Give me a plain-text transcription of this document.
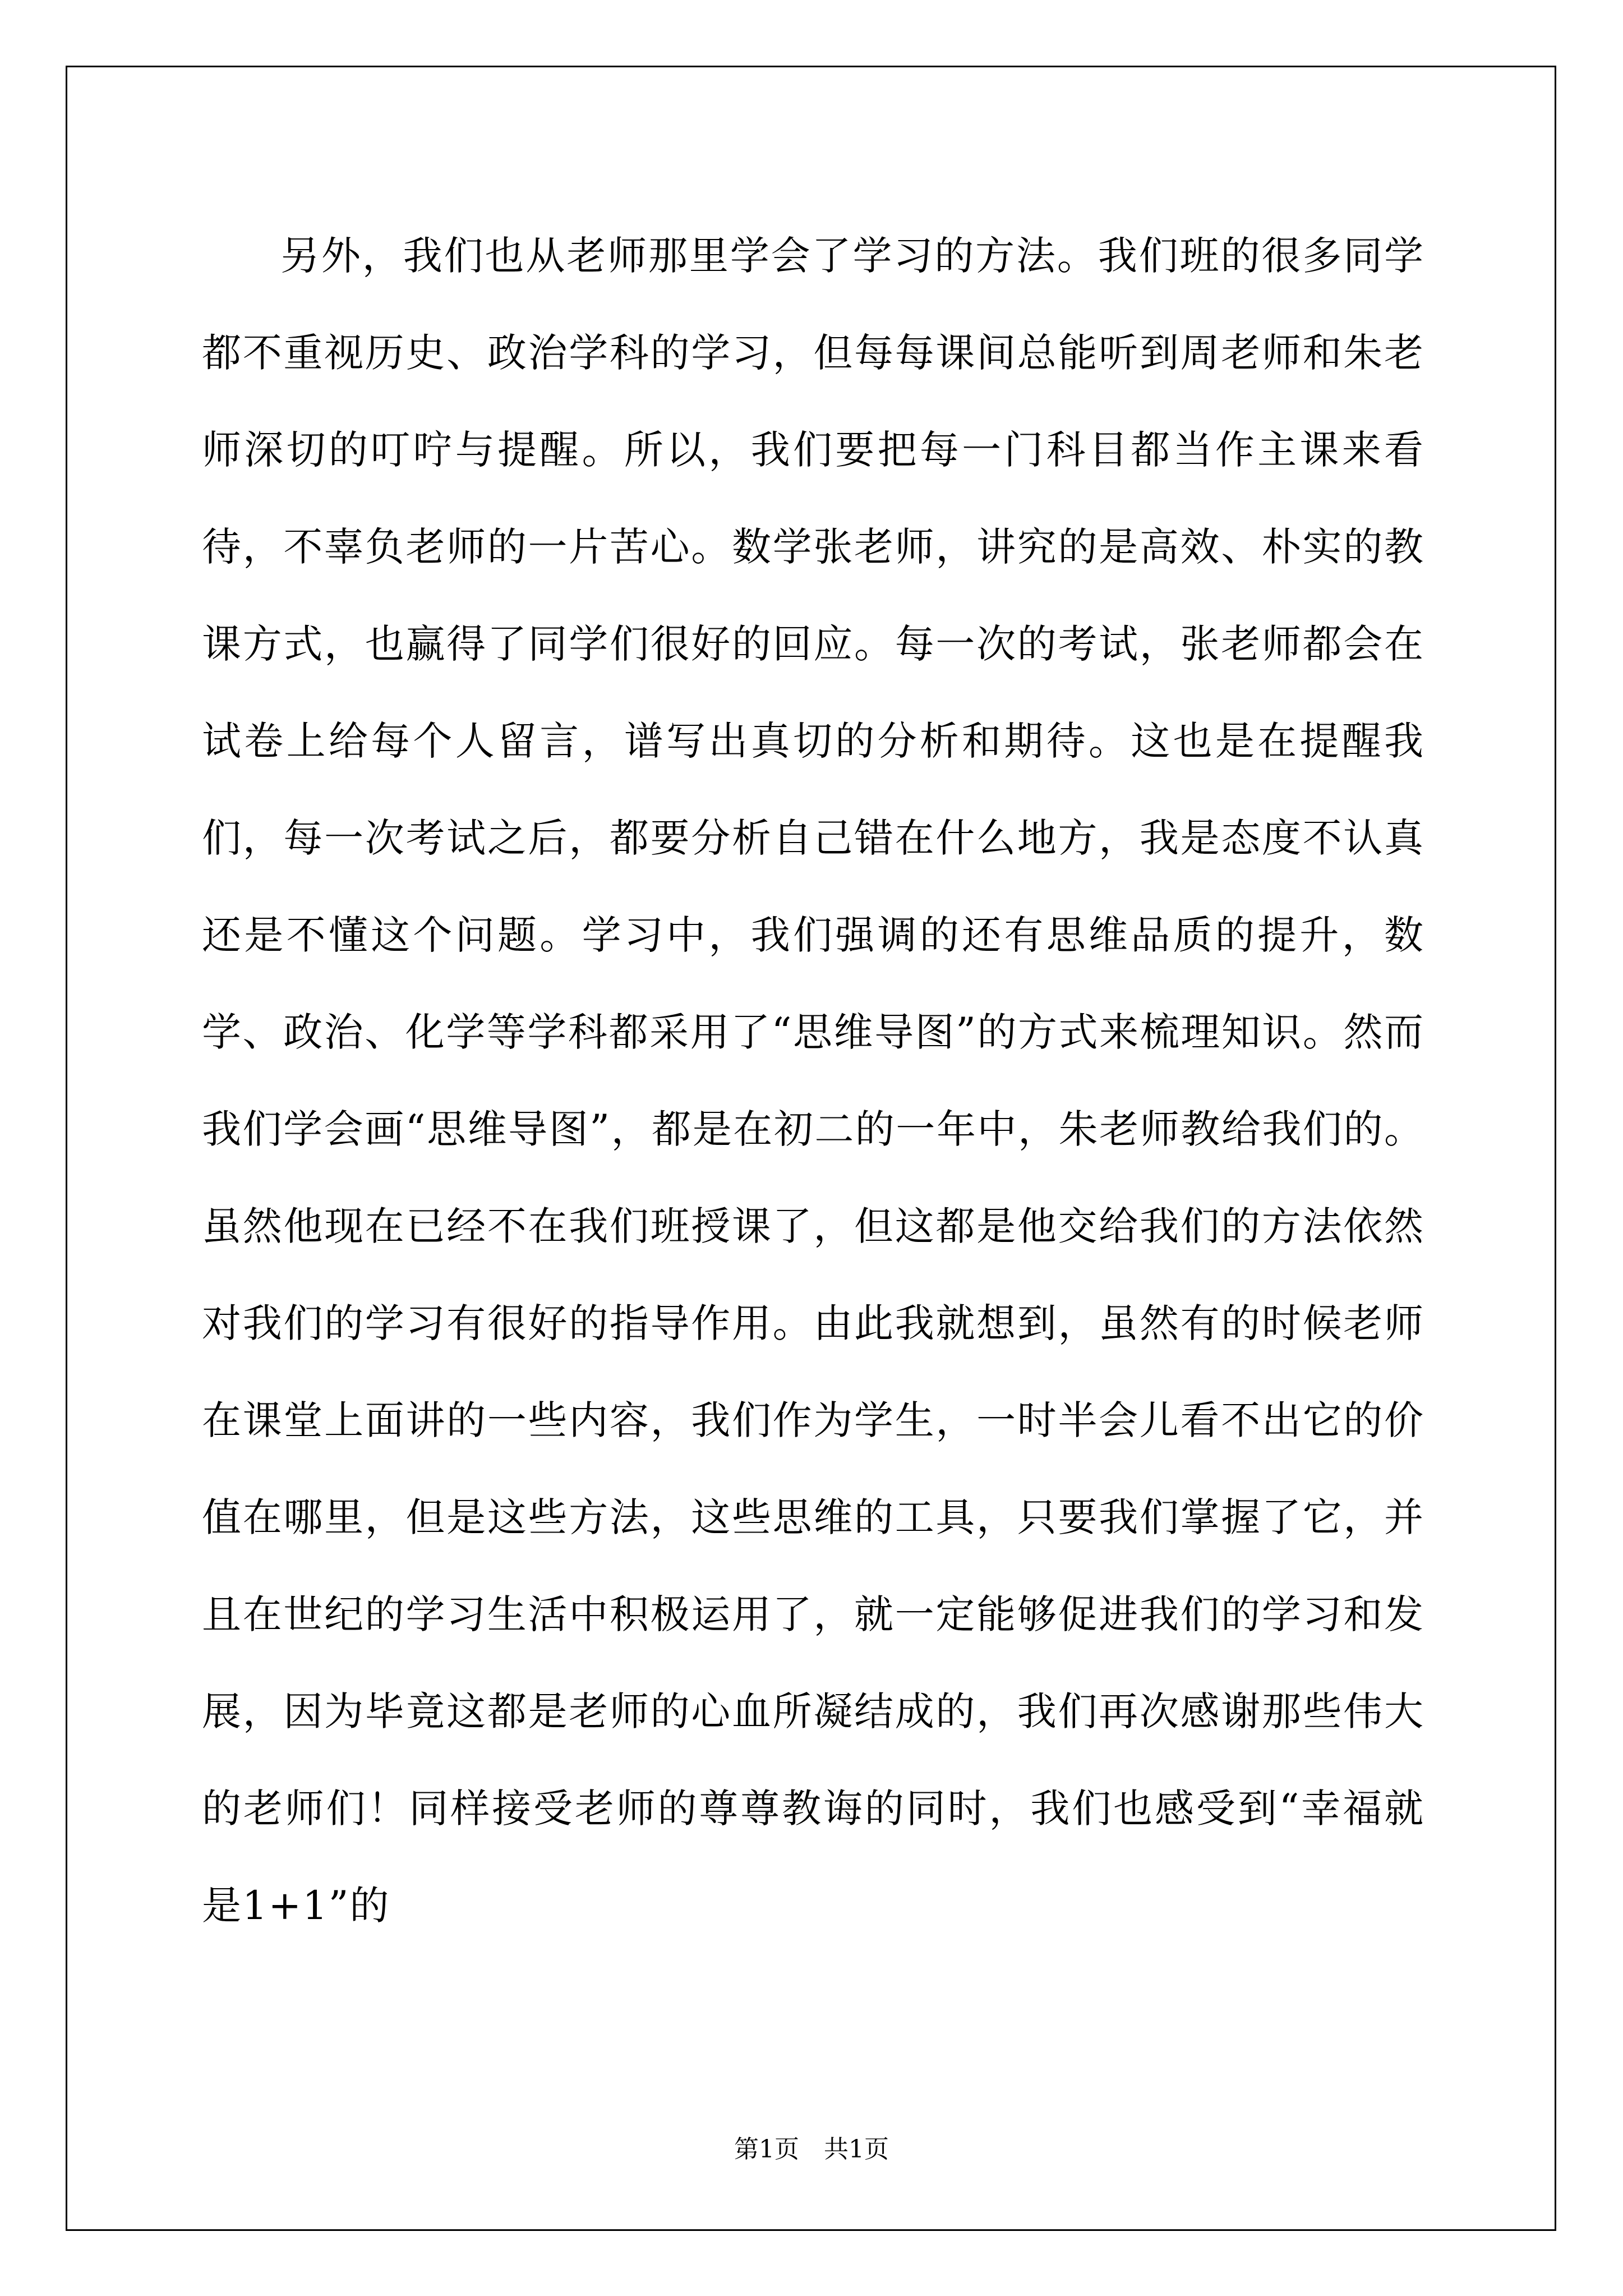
另外，我们也从老师那里学会了学习的方法。我们班的很多同学都不重视历史、政治学科的学习，但每每课间总能听到周老师和朱老师深切的叮咛与提醒。所以，我们要把每一门科目都当作主课来看待，不辜负老师的一片苦心。数学张老师，讲究的是高效、朴实的教课方式，也赢得了同学们很好的回应。每一次的考试，张老师都会在试卷上给每个人留言，谱写出真切的分析和期待。这也是在提醒我们，每一次考试之后，都要分析自己错在什么地方，我是态度不认真还是不懂这个问题。学习中，我们强调的还有思维品质的提升，数学、政治、化学等学科都采用了“思维导图”的方式来梳理知识。然而我们学会画“思维导图”，都是在初二的一年中，朱老师教给我们的。虽然他现在已经不在我们班授课了，但这都是他交给我们的方法依然对我们的学习有很好的指导作用。由此我就想到，虽然有的时候老师在课堂上面讲的一些内容，我们作为学生，一时半会儿看不出它的价值在哪里，但是这些方法，这些思维的工具，只要我们掌握了它，并且在世纪的学习生活中积极运用了，就一定能够促进我们的学习和发展，因为毕竟这都是老师的心血所凝结成的，我们再次感谢那些伟大的老师们！同样接受老师的尊尊教诲的同时，我们也感受到“幸福就是1+1”的

第1页　共1页
